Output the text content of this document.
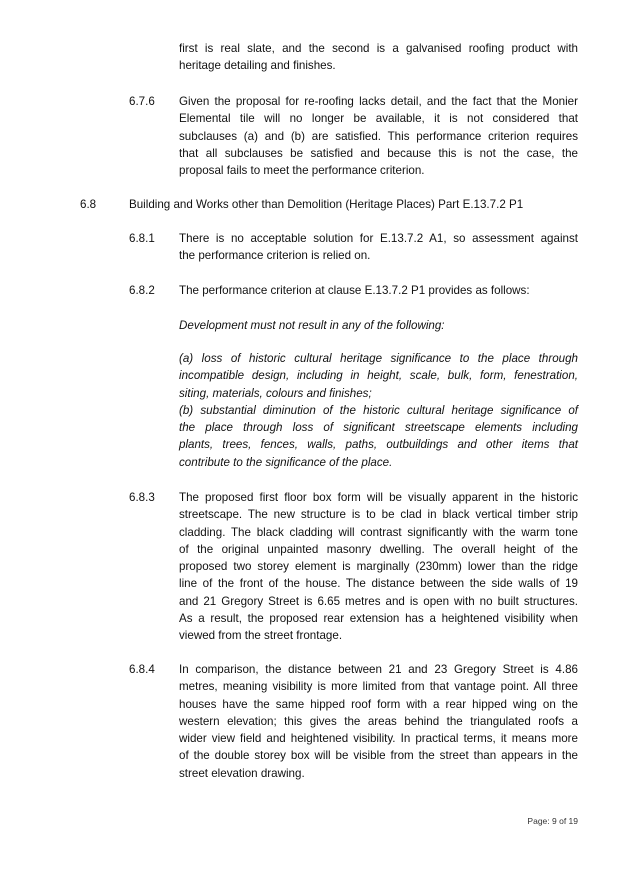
first is real slate, and the second is a galvanised roofing product with
heritage detailing and finishes.
6.7.6 Given the proposal for re-roofing lacks detail, and the fact that the Monier
Elemental tile will no longer be available, it is not considered that
subclauses (a) and (b) are satisfied. This performance criterion requires
that all subclauses be satisfied and because this is not the case, the
proposal fails to meet the performance criterion.
6.8	Building and Works other than Demolition (Heritage Places) Part E.13.7.2 P1
6.8.1 There is no acceptable solution for E.13.7.2 A1, so assessment against
the performance criterion is relied on.
6.8.2 The performance criterion at clause E.13.7.2 P1 provides as follows:
Development must not result in any of the following:
(a) loss of historic cultural heritage significance to the place through
incompatible design, including in height, scale, bulk, form, fenestration,
siting, materials, colours and finishes;
(b) substantial diminution of the historic cultural heritage significance of
the place through loss of significant streetscape elements including
plants, trees, fences, walls, paths, outbuildings and other items that
contribute to the significance of the place.
6.8.3 The proposed first floor box form will be visually apparent in the historic
streetscape. The new structure is to be clad in black vertical timber strip
cladding. The black cladding will contrast significantly with the warm tone
of the original unpainted masonry dwelling. The overall height of the
proposed two storey element is marginally (230mm) lower than the ridge
line of the front of the house. The distance between the side walls of 19
and 21 Gregory Street is 6.65 metres and is open with no built structures.
As a result, the proposed rear extension has a heightened visibility when
viewed from the street frontage.
6.8.4 In comparison, the distance between 21 and 23 Gregory Street is 4.86
metres, meaning visibility is more limited from that vantage point. All three
houses have the same hipped roof form with a rear hipped wing on the
western elevation; this gives the areas behind the triangulated roofs a
wider view field and heightened visibility. In practical terms, it means more
of the double storey box will be visible from the street than appears in the
street elevation drawing.
Page: 9 of 19
